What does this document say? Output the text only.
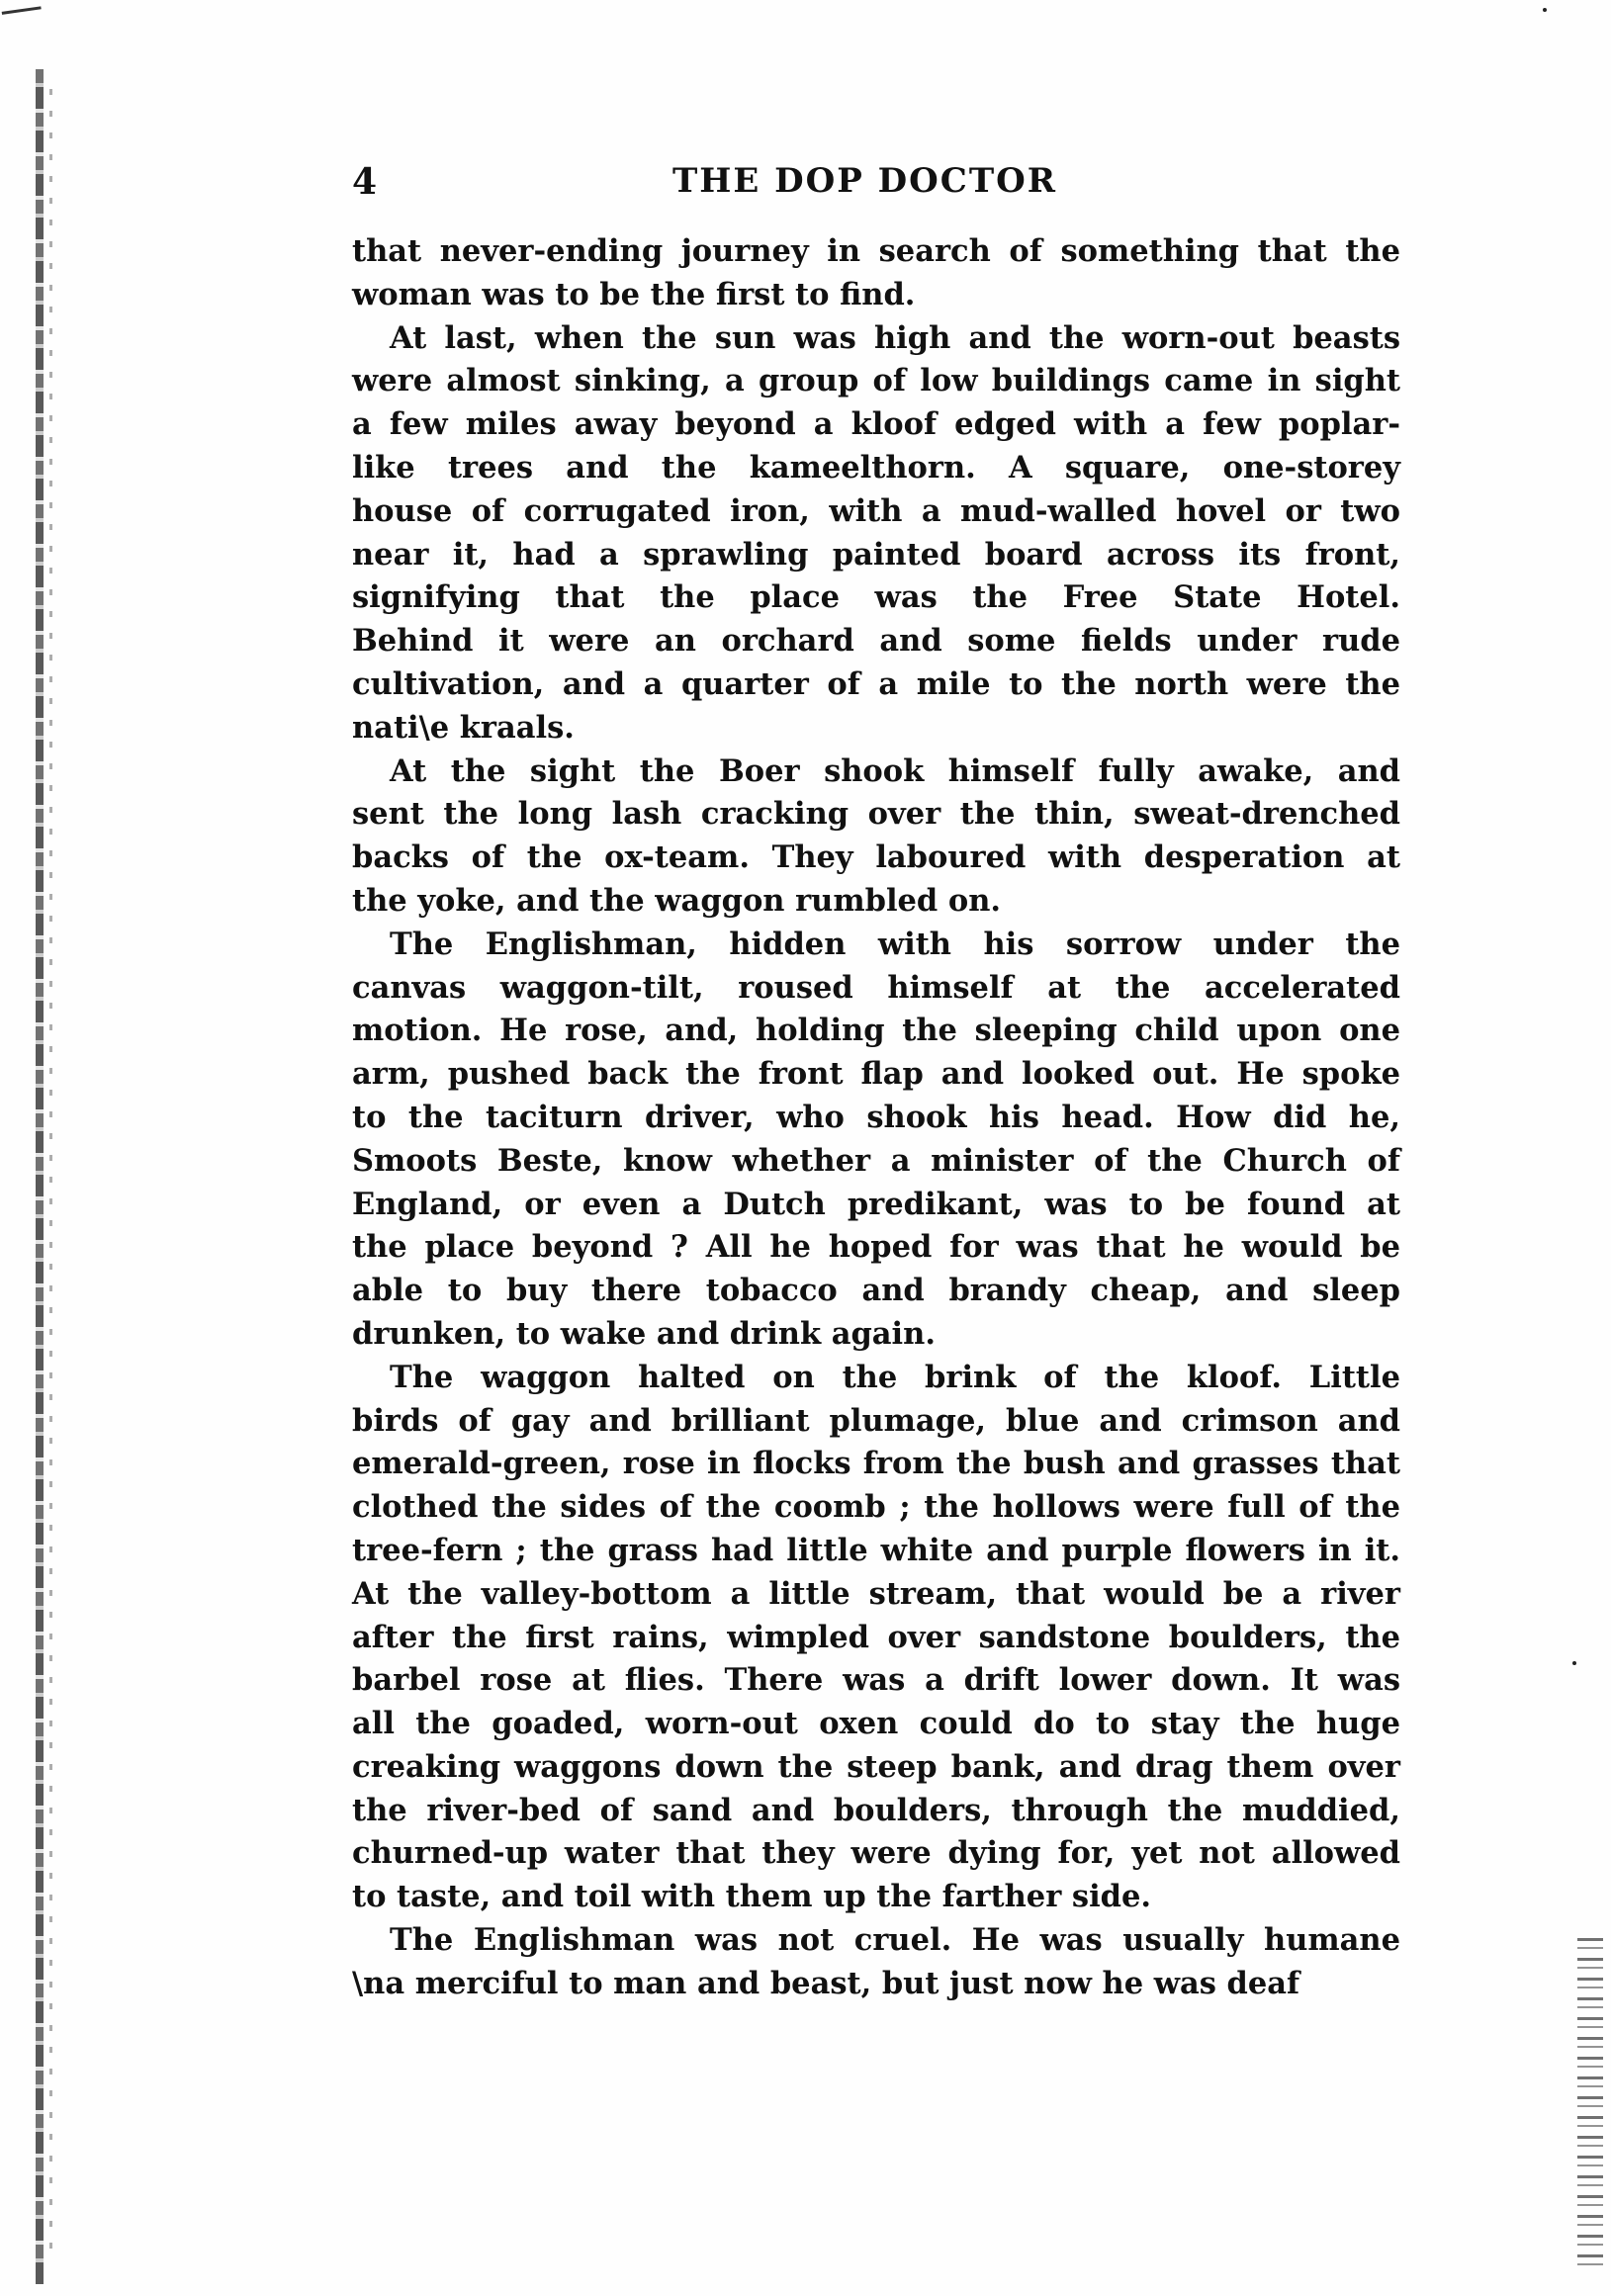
4	THE DOP DOCTOR
that never-ending journey in search of something that the
woman was to be the first to find.
At last, when the sun was high and the worn-out beasts
were almost sinking, a group of low buildings came in sight
a few miles away beyond a kloof edged with a few poplar-
like trees and the kameelthorn. A square, one-storey
house of corrugated iron, with a mud-walled hovel or two
near it, had a sprawling painted board across its front,
signifying that the place was the Free State Hotel.
Behind it were an orchard and some fields under rude
cultivation, and a quarter of a mile to the north were the
nati\e kraals.
At the sight the Boer shook himself fully awake, and
sent the long lash cracking over the thin, sweat-drenched
backs of the ox-team. They laboured with desperation at
the yoke, and the waggon rumbled on.
The Englishman, hidden with his sorrow under the
canvas waggon-tilt, roused himself at the accelerated
motion. He rose, and, holding the sleeping child upon one
arm, pushed back the front flap and looked out. He spoke
to the taciturn driver, who shook his head. How did he,
Smoots Beste, know whether a minister of the Church of
England, or even a Dutch predikant, was to be found at
the place beyond ? All he hoped for was that he would be
able to buy there tobacco and brandy cheap, and sleep
drunken, to wake and drink again.
The waggon halted on the brink of the kloof. Little
birds of gay and brilliant plumage, blue and crimson and
emerald-green, rose in flocks from the bush and grasses that
clothed the sides of the coomb ; the hollows were full of the
tree-fern ; the grass had little white and purple flowers in it.
At the valley-bottom a little stream, that would be a river
after the first rains, wimpled over sandstone boulders, the
barbel rose at flies. There was a drift lower down. It was
all the goaded, worn-out oxen could do to stay the huge
creaking waggons down the steep bank, and drag them over
the river-bed of sand and boulders, through the muddied,
churned-up water that they were dying for, yet not allowed
to taste, and toil with them up the farther side.
The Englishman was not cruel. He was usually humane
\na merciful to man and beast, but just now he was deaf
